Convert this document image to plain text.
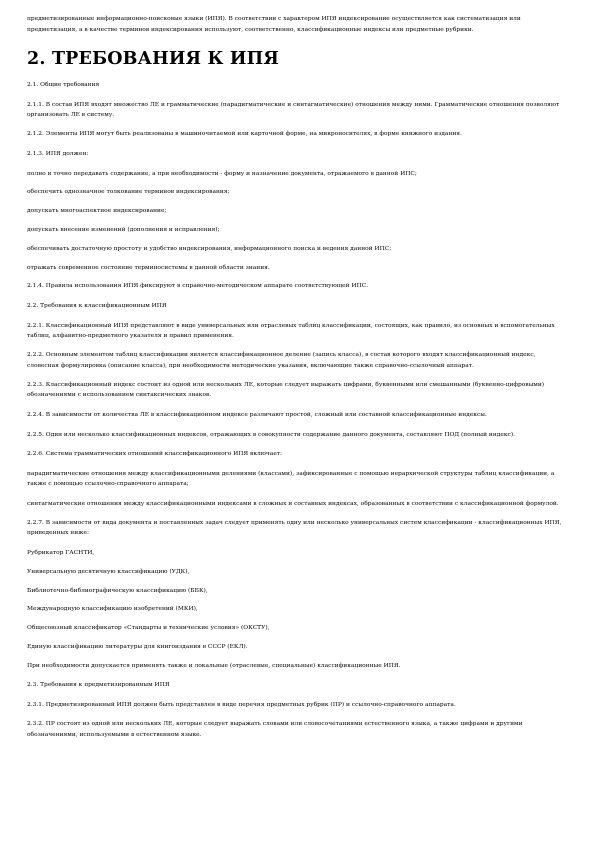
предметизированные информационно-поисковые языки (ИПЯ). В соответствии с характером ИПЯ индексирование осуществляется как систематизация или предметизация, а в качестве терминов индексирования используют, соответственно, классификационные индексы или предметные рубрики.

2. ТРЕБОВАНИЯ К ИПЯ

2.1. Общие требования

2.1.1. В состав ИПЯ входят множество ЛЕ и грамматические (парадигматические и синтагматические) отношения между ними. Грамматические отношения позволяют организовать ЛЕ в систему.

2.1.2. Элементы ИПЯ могут быть реализованы в машиночитаемой или карточной форме, на микроносителях, в форме книжного издания.

2.1.3. ИПЯ должен:

полно и точно передавать содержание, а при необходимости - форму и назначение документа, отражаемого в данной ИПС;

обеспечить однозначное толкование терминов индексирования;

допускать многоаспектное индексирование;

допускать внесение изменений (дополнения и исправления);

обеспечивать достаточную простоту и удобство индексирования, информационного поиска и ведения данной ИПС;

отражать современное состояние терминосистемы в данной области знания.

2.1.4. Правила использования ИПЯ фиксируют в справочно-методическом аппарате соответствующей ИПС.

2.2. Требования к классификационным ИПЯ

2.2.1. Классификационный ИПЯ представляют в виде универсальных или отраслевых таблиц классификации, состоящих, как правило, из основных и вспомогательных таблиц, алфавитно-предметного указателя и правил применения.

2.2.2. Основным элементом таблиц классификации является классификационное деление (запись класса), в состав которого входят классификационный индекс, словесная формулировка (описание класса), при необходимости методические указания, включающие также справочно-ссылочный аппарат.

2.2.3. Классификационный индекс состоит из одной или нескольких ЛЕ, которые следует выражать цифрами, буквенными или смешанными (буквенно-цифровыми) обозначениями с использованием синтаксических знаков.

2.2.4. В зависимости от количества ЛЕ в классификационном индексе различают простой, сложный или составной классификационные индексы.

2.2.5. Один или несколько классификационных индексов, отражающих в совокупности содержание данного документа, составляют ПОД (полный индекс).

2.2.6. Система грамматических отношений классификационного ИПЯ включает:

парадигматические отношения между классификационными делениями (классами), зафиксированные с помощью иерархической структуры таблиц классификации, а также с помощью ссылочно-справочного аппарата;

синтагматические отношения между классификационными индексами в сложных и составных индексах, образованных в соответствии с классификационной формулой.

2.2.7. В зависимости от вида документа и поставленных задач следует применять одну или несколько универсальных систем классификации - классификационных ИПЯ, приведенных ниже:

Рубрикатор ГАСНТИ,

Универсальную десятичную классификацию (УДК),

Библиотечно-библиографическую классификацию (ББК),

Международную классификацию изобретений (МКИ),

Общесоюзный классификатор «Стандарты и технические условия» (ОКСТУ),

Единую классификацию литературы для книгоиздания в СССР (ЕКЛ).

При необходимости допускается применять также и локальные (отраслевые, специальные) классификационные ИПЯ.

2.3. Требования к предметизированным ИПЯ

2.3.1. Предметизированный ИПЯ должен быть представлен в виде перечня предметных рубрик (ПР) и ссылочно-справочного аппарата.

2.3.2. ПР состоят из одной или нескольких ЛЕ, которые следует выражать словами или словосочетаниями естественного языка, а также цифрами и другими обозначениями, используемыми в естественном языке.
